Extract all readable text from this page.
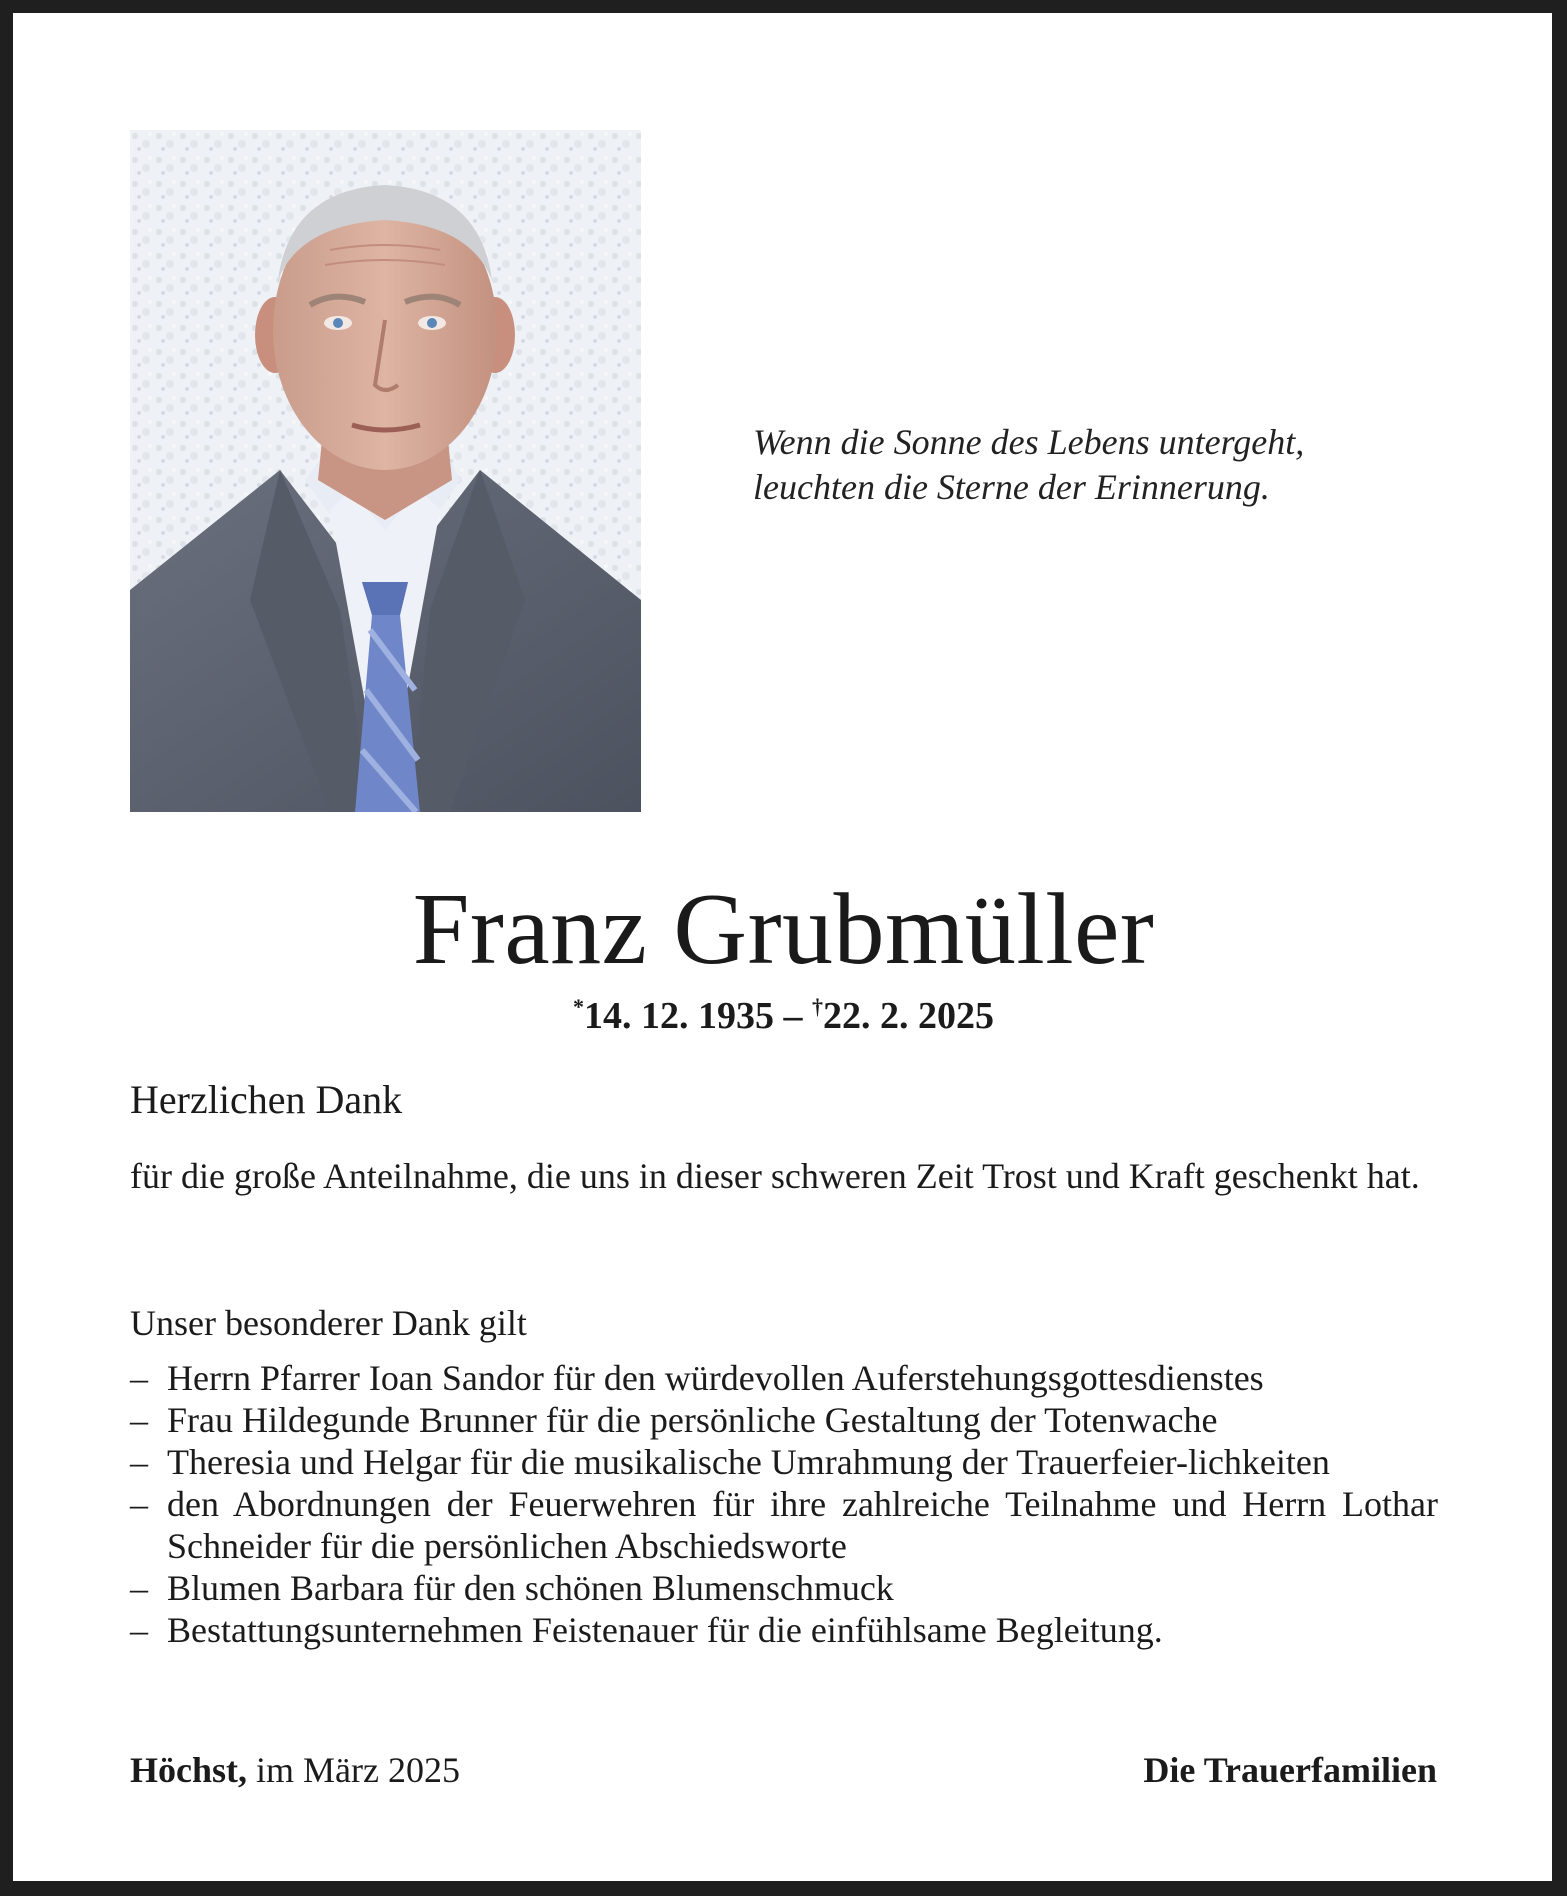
Wenn die Sonne des Lebens untergeht,
leuchten die Sterne der Erinnerung.
Franz Grubmüller
*14. 12. 1935 – †22. 2. 2025
Herzlichen Dank
für die große Anteilnahme, die uns in dieser schweren Zeit Trost und Kraft geschenkt hat.
Unser besonderer Dank gilt
– Herrn Pfarrer Ioan Sandor für den würdevollen Auferstehungsgottesdienstes
– Frau Hildegunde Brunner für die persönliche Gestaltung der Totenwache
– Theresia und Helgar für die musikalische Umrahmung der Trauerfeier-lichkeiten
– den Abordnungen der Feuerwehren für ihre zahlreiche Teilnahme und Herrn Lothar Schneider für die persönlichen Abschiedsworte
– Blumen Barbara für den schönen Blumenschmuck
– Bestattungsunternehmen Feistenauer für die einfühlsame Begleitung.
Höchst, im März 2025	Die Trauerfamilien
